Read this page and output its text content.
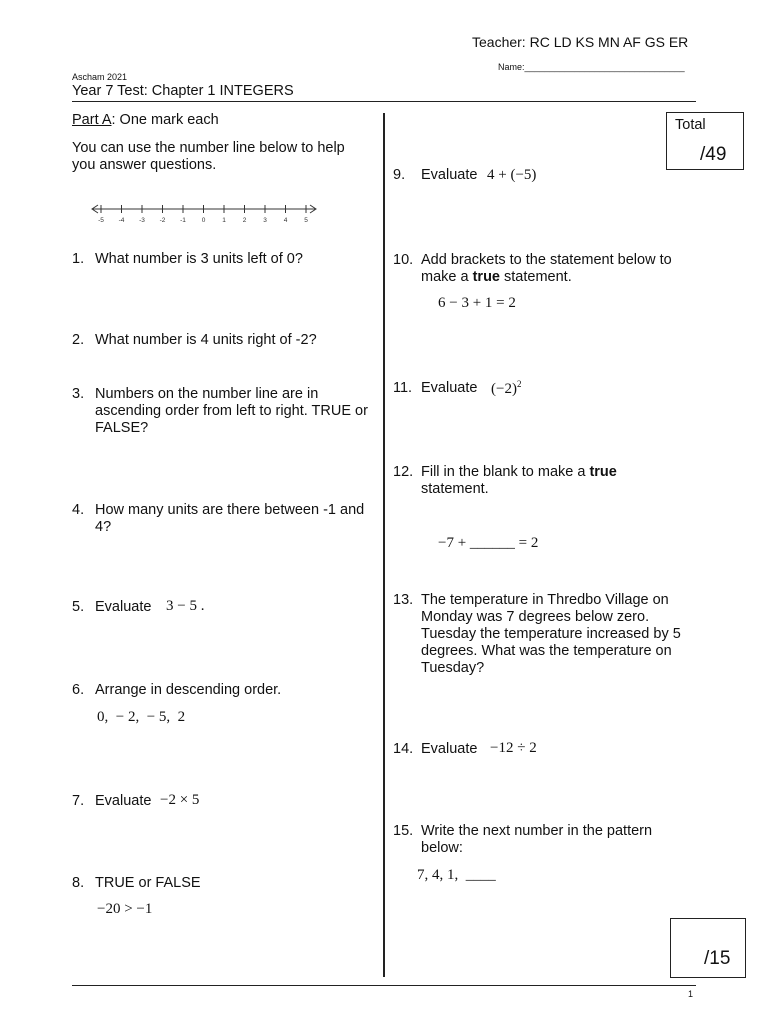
Teacher: RC LD KS MN AF GS ER
Name:________________________________
Ascham 2021
Year 7 Test: Chapter 1 INTEGERS
Part A: One mark each
You can use the number line below to help you answer questions.
-5 -4 -3 -2 -1 0	1	2	3	4	5
Total
/49
1. What number is 3 units left of 0?
2. What number is 4 units right of -2?
3. Numbers on the number line are in ascending order from left to right. TRUE or FALSE?
4. How many units are there between -1 and 4?
5. Evaluate 3 − 5 .
6. Arrange in descending order.
0,  − 2,  − 5,  2
7. Evaluate −2 × 5
8. TRUE or FALSE
−20 > −1
9.	Evaluate 4 + (−5)
10. Add brackets to the statement below to make a true statement.
6 − 3 + 1 = 2
11. Evaluate $(-2)^2$
12. Fill in the blank to make a true statement.
−7 + ______ = 2
13. The temperature in Thredbo Village on Monday was 7 degrees below zero. Tuesday the temperature increased by 5 degrees. What was the temperature on Tuesday?
14. Evaluate −12 ÷ 2
15. Write the next number in the pattern below:
7, 4, 1,  ____
/15
1
